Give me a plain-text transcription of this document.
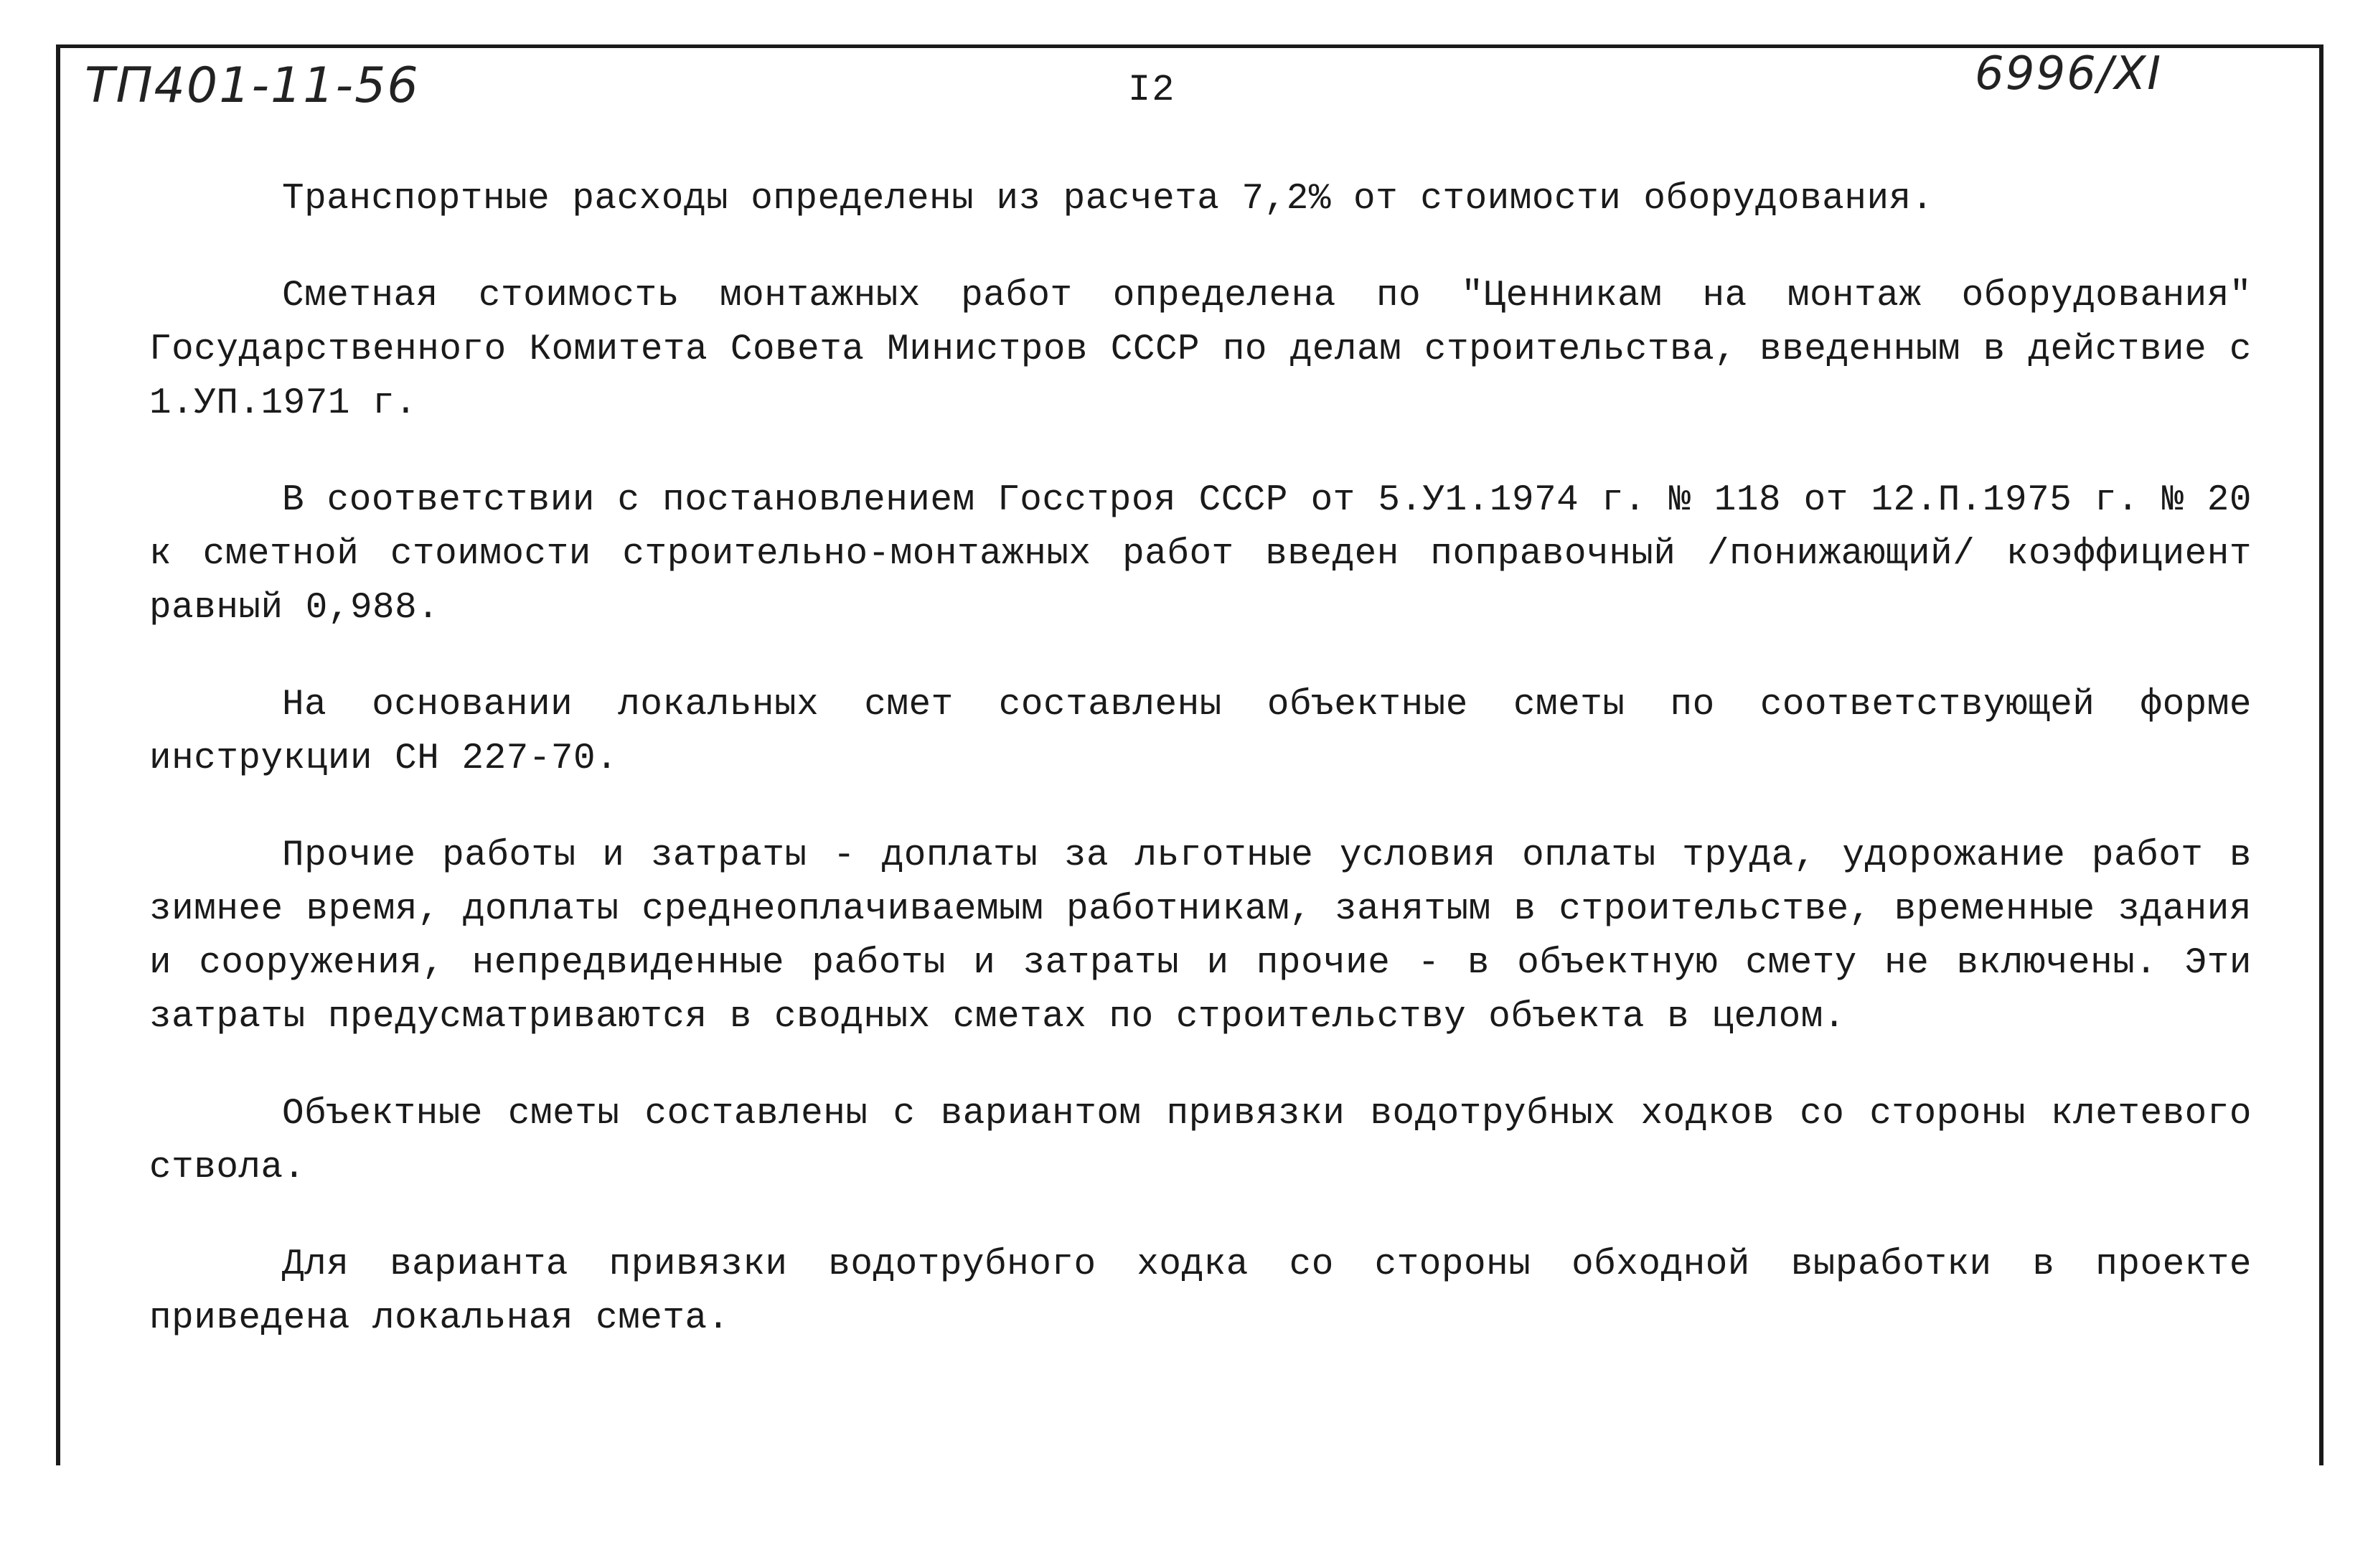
ТП401-11-56	I2	6996/XI

Транспортные расходы определены из расчета 7,2% от стоимости оборудования.

Сметная стоимость монтажных работ определена по "Ценникам на монтаж оборудования" Государственного Комитета Совета Министров СССР по делам строительства, введенным в действие с 1.УП.1971 г.

В соответствии с постановлением Госстроя СССР от 5.У1.1974 г. № 118 от 12.П.1975 г. № 20 к сметной стоимости строительно-монтажных работ введен поправочный /понижающий/ коэффициент равный 0,988.

На основании локальных смет составлены объектные сметы по соответствующей форме инструкции СН 227-70.

Прочие работы и затраты - доплаты за льготные условия оплаты труда, удорожание работ в зимнее время, доплаты среднеоплачиваемым работникам, занятым в строительстве, временные здания и сооружения, непредвиденные работы и затраты и прочие - в объектную смету не включены. Эти затраты предусматриваются в сводных сметах по строительству объекта в целом.

Объектные сметы составлены с вариантом привязки водотрубных ходков со стороны клетевого ствола.

Для варианта привязки водотрубного ходка со стороны обходной выработки в проекте приведена локальная смета.
